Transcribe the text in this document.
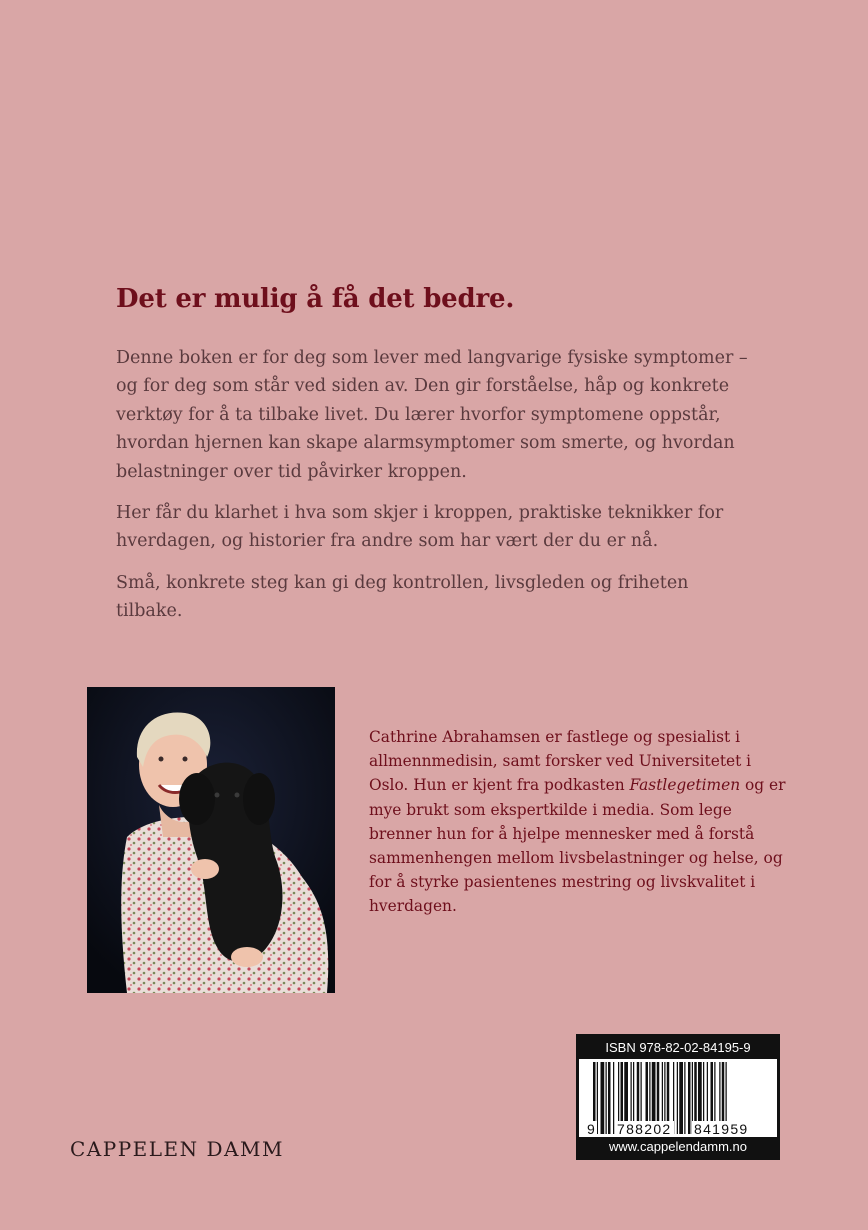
Det er mulig å få det bedre.

Denne boken er for deg som lever med langvarige fysiske symptomer – og for deg som står ved siden av. Den gir forståelse, håp og konkrete verktøy for å ta tilbake livet. Du lærer hvorfor symptomene oppstår, hvordan hjernen kan skape alarmsymptomer som smerte, og hvordan belastninger over tid påvirker kroppen.

Her får du klarhet i hva som skjer i kroppen, praktiske teknikker for hverdagen, og historier fra andre som har vært der du er nå.

Små, konkrete steg kan gi deg kontrollen, livsgleden og friheten tilbake.

Cathrine Abrahamsen er fastlege og spesialist i allmennmedisin, samt forsker ved Universitetet i Oslo. Hun er kjent fra podkasten Fastlegetimen og er mye brukt som ekspertkilde i media. Som lege brenner hun for å hjelpe mennesker med å forstå sammenhengen mellom livsbelastninger og helse, og for å styrke pasientenes mestring og livskvalitet i hverdagen.

CAPPELEN DAMM
ISBN 978-82-02-84195-9
9 788202 841959
www.cappelendamm.no
